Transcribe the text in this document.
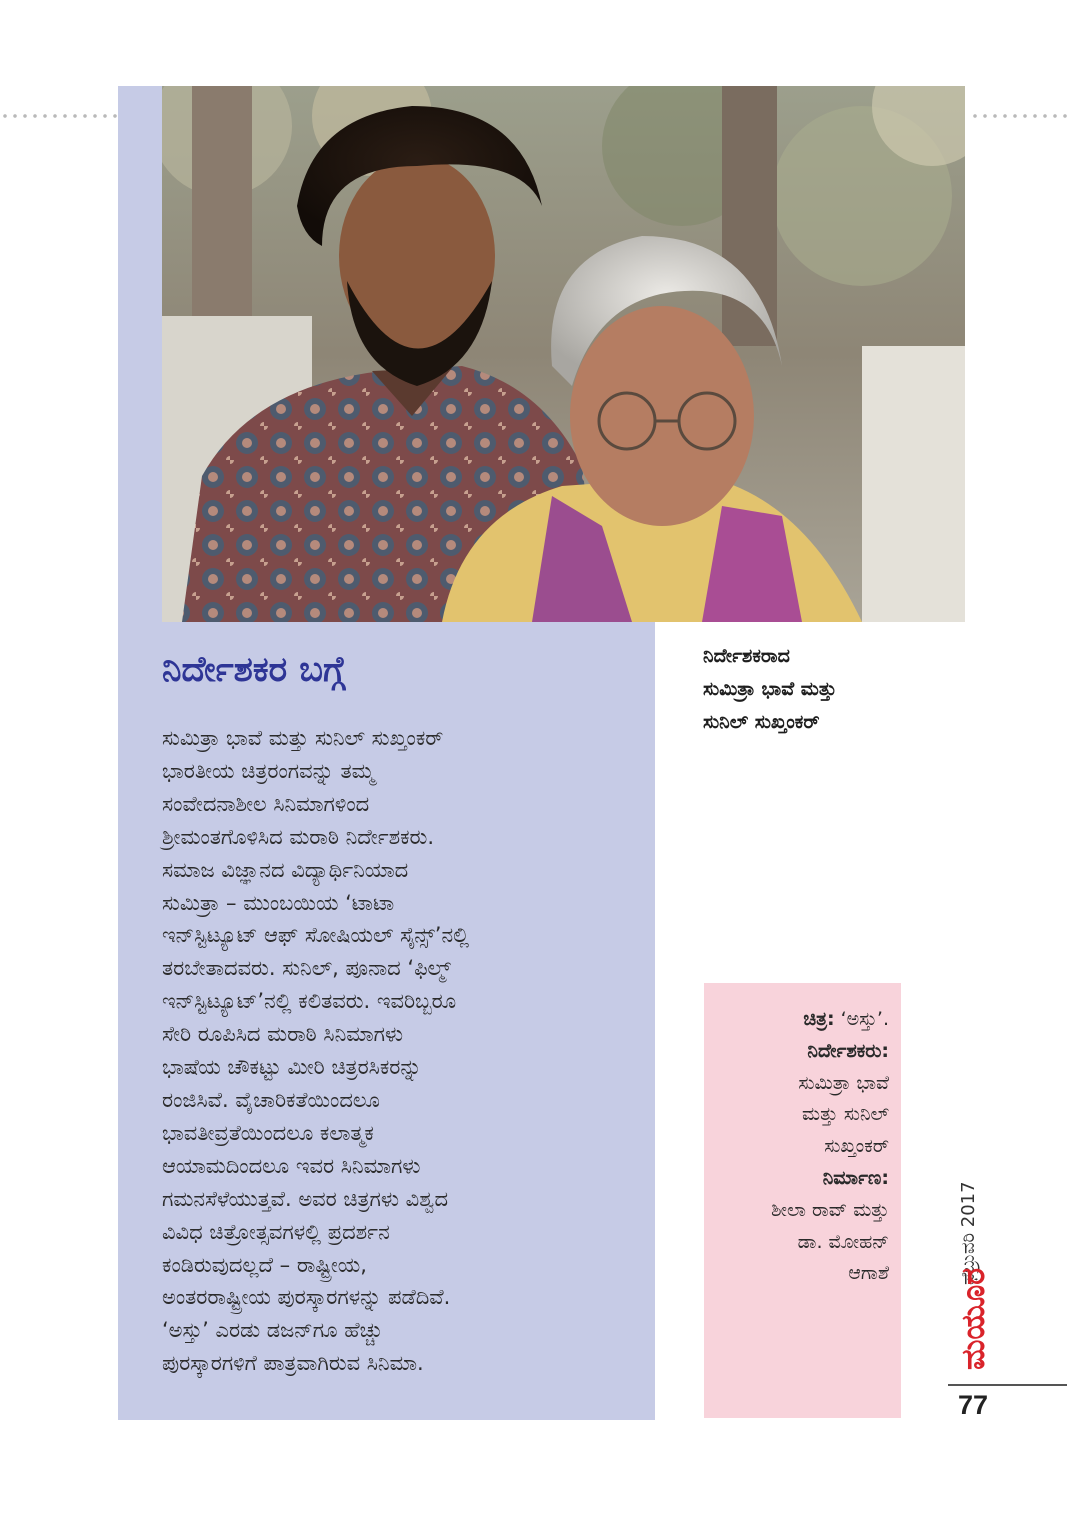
ನಿರ್ದೇಶಕರ ಬಗ್ಗೆ
ಸುಮಿತ್ರಾ ಭಾವೆ ಮತ್ತು ಸುನಿಲ್ ಸುಖ್ತಂಕರ್
ಭಾರತೀಯ ಚಿತ್ರರಂಗವನ್ನು ತಮ್ಮ
ಸಂವೇದನಾಶೀಲ ಸಿನಿಮಾಗಳಿಂದ
ಶ್ರೀಮಂತಗೊಳಿಸಿದ ಮರಾಠಿ ನಿರ್ದೇಶಕರು.
ಸಮಾಜ ವಿಜ್ಞಾನದ ವಿದ್ಯಾರ್ಥಿನಿಯಾದ
ಸುಮಿತ್ರಾ – ಮುಂಬಯಿಯ ‘ಟಾಟಾ
ಇನ್‌ಸ್ಟಿಟ್ಯೂಟ್ ಆಫ್ ಸೋಷಿಯಲ್ ಸೈನ್ಸ್’ನಲ್ಲಿ
ತರಬೇತಾದವರು. ಸುನಿಲ್, ಪೂನಾದ ‘ಫಿಲ್ಮ್
ಇನ್‌ಸ್ಟಿಟ್ಯೂಟ್’ನಲ್ಲಿ ಕಲಿತವರು. ಇವರಿಬ್ಬರೂ
ಸೇರಿ ರೂಪಿಸಿದ ಮರಾಠಿ ಸಿನಿಮಾಗಳು
ಭಾಷೆಯ ಚೌಕಟ್ಟು ಮೀರಿ ಚಿತ್ರರಸಿಕರನ್ನು
ರಂಜಿಸಿವೆ. ವೈಚಾರಿಕತೆಯಿಂದಲೂ
ಭಾವತೀವ್ರತೆಯಿಂದಲೂ ಕಲಾತ್ಮಕ
ಆಯಾಮದಿಂದಲೂ ಇವರ ಸಿನಿಮಾಗಳು
ಗಮನಸೆಳೆಯುತ್ತವೆ. ಅವರ ಚಿತ್ರಗಳು ವಿಶ್ವದ
ವಿವಿಧ ಚಿತ್ರೋತ್ಸವಗಳಲ್ಲಿ ಪ್ರದರ್ಶನ
ಕಂಡಿರುವುದಲ್ಲದೆ – ರಾಷ್ಟ್ರೀಯ,
ಅಂತರರಾಷ್ಟ್ರೀಯ ಪುರಸ್ಕಾರಗಳನ್ನು ಪಡೆದಿವೆ.
‘ಅಸ್ತು’ ಎರಡು ಡಜನ್‌ಗೂ ಹೆಚ್ಚು
ಪುರಸ್ಕಾರಗಳಿಗೆ ಪಾತ್ರವಾಗಿರುವ ಸಿನಿಮಾ.
ನಿರ್ದೇಶಕರಾದ
ಸುಮಿತ್ರಾ ಭಾವೆ ಮತ್ತು
ಸುನಿಲ್ ಸುಖ್ತಂಕರ್
ಚಿತ್ರ: ‘ಅಸ್ತು’.
ನಿರ್ದೇಶಕರು:
ಸುಮಿತ್ರಾ ಭಾವೆ
ಮತ್ತು ಸುನಿಲ್
ಸುಖ್ತಂಕರ್
ನಿರ್ಮಾಣ:
ಶೀಲಾ ರಾವ್ ಮತ್ತು
ಡಾ. ಮೋಹನ್
ಆಗಾಶೆ	ಫೆಬ್ರುವರಿ 2017
ಮಯೂರ
77
